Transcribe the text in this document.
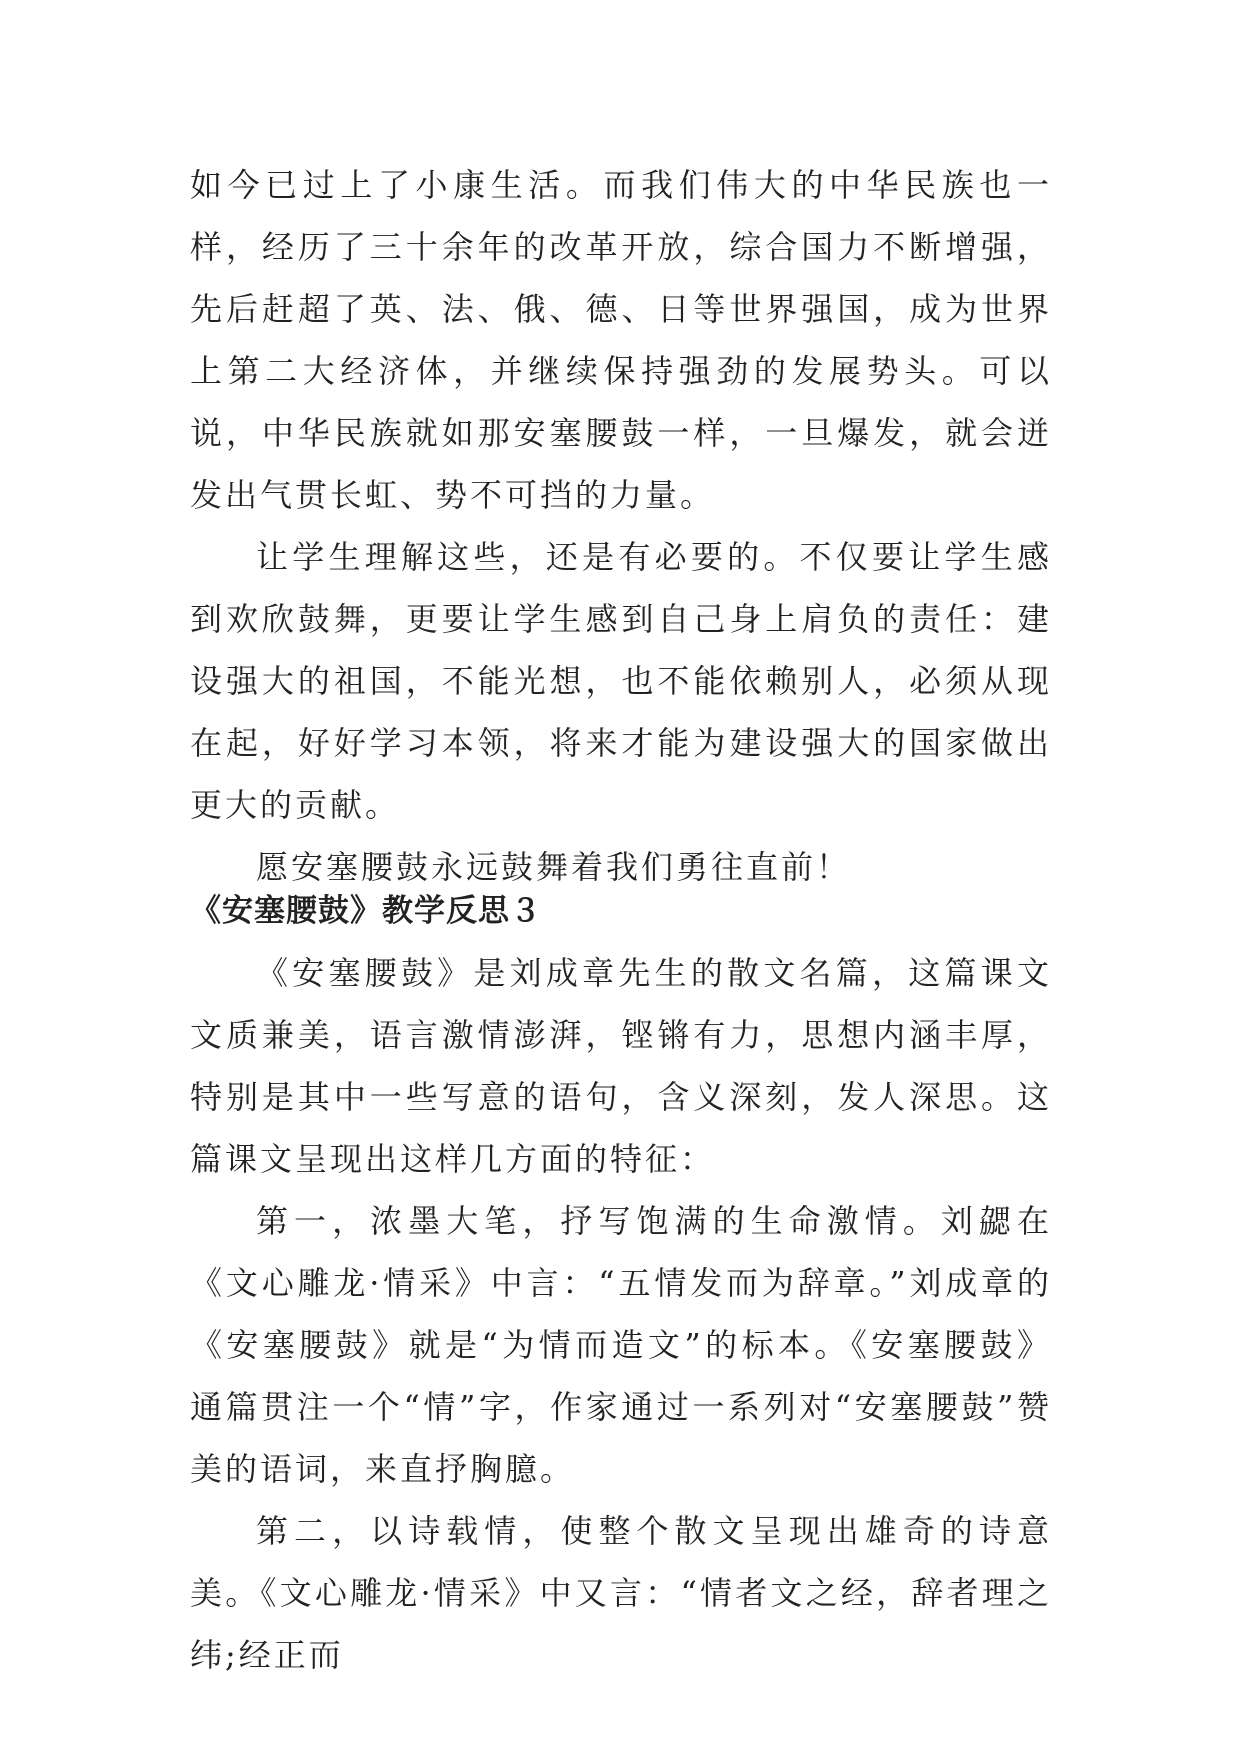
如今已过上了小康生活。而我们伟大的中华民族也一样，经历了三十余年的改革开放，综合国力不断增强，先后赶超了英、法、俄、德、日等世界强国，成为世界上第二大经济体，并继续保持强劲的发展势头。可以说，中华民族就如那安塞腰鼓一样，一旦爆发，就会迸发出气贯长虹、势不可挡的力量。

让学生理解这些，还是有必要的。不仅要让学生感到欢欣鼓舞，更要让学生感到自己身上肩负的责任：建设强大的祖国，不能光想，也不能依赖别人，必须从现在起，好好学习本领，将来才能为建设强大的国家做出更大的贡献。

愿安塞腰鼓永远鼓舞着我们勇往直前！

《安塞腰鼓》教学反思３

《安塞腰鼓》是刘成章先生的散文名篇，这篇课文文质兼美，语言激情澎湃，铿锵有力，思想内涵丰厚，特别是其中一些写意的语句，含义深刻，发人深思。这篇课文呈现出这样几方面的特征：

第一，浓墨大笔，抒写饱满的生命激情。刘勰在《文心雕龙·情采》中言：“五情发而为辞章。”刘成章的《安塞腰鼓》就是“为情而造文”的标本。《安塞腰鼓》通篇贯注一个“情”字，作家通过一系列对“安塞腰鼓”赞美的语词，来直抒胸臆。

第二，以诗载情，使整个散文呈现出雄奇的诗意美。《文心雕龙·情采》中又言：“情者文之经，辞者理之纬;经正而
